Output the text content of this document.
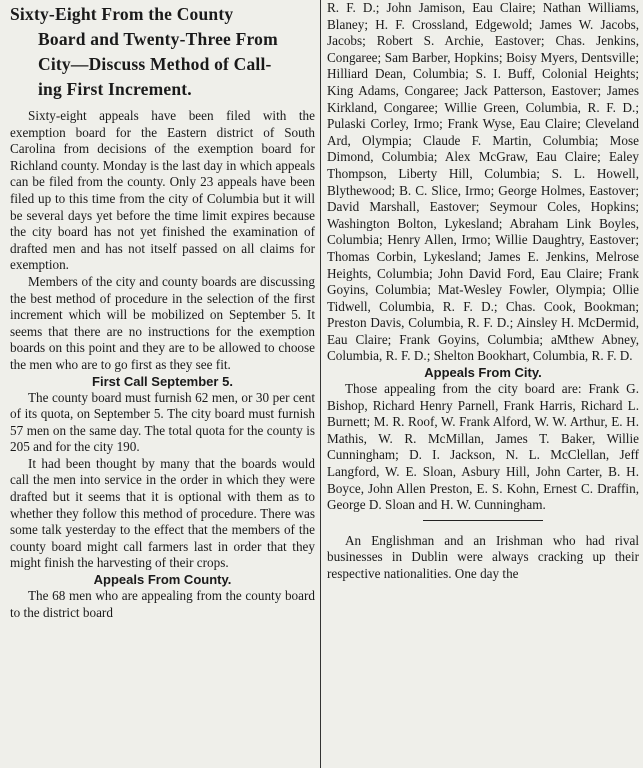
Sixty-Eight From the County
Board and Twenty-Three From
City—Discuss Method of Call-
ing First Increment.

Sixty-eight appeals have been filed with the exemption board for the Eastern district of South Carolina from decisions of the exemption board for Richland county. Monday is the last day in which appeals can be filed from the county. Only 23 appeals have been filed up to this time from the city of Columbia but it will be several days yet before the time limit expires because the city board has not yet finished the examination of drafted men and has not itself passed on all claims for exemption.

Members of the city and county boards are discussing the best method of procedure in the selection of the first increment which will be mobilized on September 5. It seems that there are no instructions for the exemption boards on this point and they are to be allowed to choose the men who are to go first as they see fit.

First Call September 5.

The county board must furnish 62 men, or 30 per cent of its quota, on September 5. The city board must furnish 57 men on the same day. The total quota for the county is 205 and for the city 190.

It had been thought by many that the boards would call the men into service in the order in which they were drafted but it seems that it is optional with them as to whether they follow this method of procedure. There was some talk yesterday to the effect that the members of the county board might call farmers last in order that they might finish the harvesting of their crops.

Appeals From County.

The 68 men who are appealing from the county board to the district board

R. F. D.; John Jamison, Eau Claire; Nathan Williams, Blaney; H. F. Crossland, Edgewold; James W. Jacobs, Jacobs; Robert S. Archie, Eastover; Chas. Jenkins, Congaree; Sam Barber, Hopkins; Boisy Myers, Dentsville; Hilliard Dean, Columbia; S. I. Buff, Colonial Heights; King Adams, Congaree; Jack Patterson, Eastover; James Kirkland, Congaree; Willie Green, Columbia, R. F. D.; Pulaski Corley, Irmo; Frank Wyse, Eau Claire; Cleveland Ard, Olympia; Claude F. Martin, Columbia; Mose Dimond, Columbia; Alex McGraw, Eau Claire; Ealey Thompson, Liberty Hill, Columbia; S. L. Howell, Blythewood; B. C. Slice, Irmo; George Holmes, Eastover; David Marshall, Eastover; Seymour Coles, Hopkins; Washington Bolton, Lykesland; Abraham Link Boyles, Columbia; Henry Allen, Irmo; Willie Daughtry, Eastover; Thomas Corbin, Lykesland; James E. Jenkins, Melrose Heights, Columbia; John David Ford, Eau Claire; Frank Goyins, Columbia; Mat-Wesley Fowler, Olympia; Ollie Tidwell, Columbia, R. F. D.; Chas. Cook, Bookman; Preston Davis, Columbia, R. F. D.; Ainsley H. McDermid, Eau Claire; Frank Goyins, Columbia; aMthew Abney, Columbia, R. F. D.; Shelton Bookhart, Columbia, R. F. D.

Appeals From City.

Those appealing from the city board are: Frank G. Bishop, Richard Henry Parnell, Frank Harris, Richard L. Burnett; M. R. Roof, W. Frank Alford, W. W. Arthur, E. H. Mathis, W. R. McMillan, James T. Baker, Willie Cunningham; D. I. Jackson, N. L. McClellan, Jeff Langford, W. E. Sloan, Asbury Hill, John Carter, B. H. Boyce, John Allen Preston, E. S. Kohn, Ernest C. Draffin, George D. Sloan and H. W. Cunningham.

An Englishman and an Irishman who had rival businesses in Dublin were always cracking up their respective nationalities. One day the
